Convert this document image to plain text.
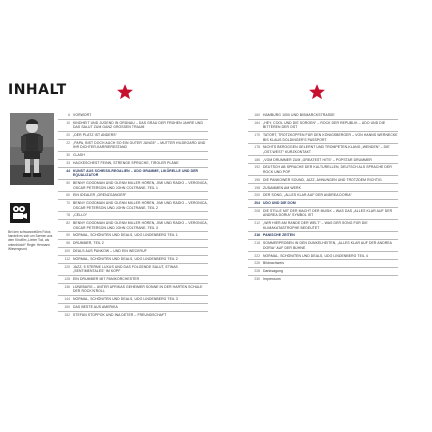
INHALT
Bei den schwarzweißen Fotos handelt es sich um Szenen aus dem Kinofilm „Lieber Tod, als unterdrückt!“ Regie: Hermann Wiesengrund
6 VORWORT
10 KINDHEIT UND JUGEND IN GRÜNAU – DAS GRAU DER FRÜHEN JAHRE UND DAS SALUT ZUM GANZ GROSSEN TRAUM
20 „DER PLATZ IST ANDERS“
22 „PAPA, BIST DOCH AUCH SO EIN GUTER JUNGE“ – MUTTER HILDEGARD UND IHR DICHTER-KARRIERESTAND
30 CLASH
33 HACKESCHEST FEINN, STRENGE SPRÜCHE, TIROLER PLÄNE
44 KUNST AUS SCHEISS-REGALIEN – UDO GRAMME, LIKÖRELLE UND DER EQUALIZATOR
50 BENNY GOODMAN UND GLENN MILLER HÖREN, JIMI UND RADIO – VERONICA, OSCAR PETERSON UND JOHN COLTRANE, TEIL 1
60 EIN IDEALER „GRENZGÄNGER“
70 BENNY GOODMAN UND GLENN MILLER HÖREN, JIMI UND RADIO – VERONICA, OSCAR PETERSON UND JOHN COLTRANE, TEIL 2
78 „CELLO“
82 BENNY GOODMAN UND GLENN MILLER HÖREN, JIMI UND RADIO – VERONICA, OSCAR PETERSON UND JOHN COLTRANE, TEIL 3
90 NORMAL, SCHÖNITEN UND DEALS, UDO LINDENBERG TEIL 1
96 DRUMMER, TEIL 2
100 DEALS AUS PANKOW – UND EIN WECKRUF
112 NORMAL, SCHÖNITEN UND DEALS, UDO LINDENBERG TEIL 2
120 JAZZ, 5 STERNE LUXUS UND DAS FOLGENDE SALUT, ETWAS „SENTIMENTALES“ IM KOPF
128 EIN DRUMMER MIT PANIKORCHESTER
136 LÜNEBURG – UNTER AFRIKAS GEHEIMER SONNE IN DER HARTEN SCHULE DER ROCK'N'ROLL
144 NORMAL, SCHÖNITEN UND DEALS, UDO LINDENBERG TEIL 3
150 DAS BESTE AUS AMERIKA
152 STEFAN STOPPOK UND INA DETER – FREUNDSCHAFT
160 HAMBURG 1000 UND BISMARCKSTRASSE
164 „HEY, COOL UND DIE SORGEN“ – ROCK DER REPUBLIK – UDO UND DIE BITTEREN DER OST
170 TATORT, TROTZKOPFEN FÜR DEN KÖNIGSBERGER – VON HANNS WERNECKE BIS KLAUS DOLDINGER'S PASSPORT
178 NICHTS BEROGGEN GELERNT UND TROMPETEN-KLANG „WENDEN“ – DIE „OST-WEST“ KURZKONTAKT
186 „VOM DRUMMER ZUM „GREATEST HITS“ – POPSTAR DRUMMER
192 DEUTSCH AB SPRACHE DER KULTURELLEN, DEUTSCH ALS SPRACHE DER ROCK UND POP
196 DIE PANKOWER SOUND, JAZZ, AHNUNGEN UND TROTZDEM RICHTIG
198 ZUSAMMEN AM WERK
200 DER SONG, „ALLES KLAR AUF DER ANDREA DORIA“
204 UDO UND DIE DOM
208 DIE STILLE MIT DER MACHT DER MUSIK – WAS DAS „ALLES KLAR AUF DER ANDREA DORIA“ SYMBOL IST
212 „WIR HIER AM RANDE DER WELT“ – WAS DER SONG FÜR DIE KLIMAKATASTROPHE BEDEUTET
216 PANISCHE ZEITEN
218 SOMMERPROBEN IN DEN DUNKELHEITEN, „ALLES KLAR AUF DER ANDREA DORIA“ AUF DER BÜHNE
222 NORMAL, SCHÖNITEN UND DEALS, UDO LINDENBERG TEIL 4
226 Bildnachweis
228 Danksagung
230 Impressum
